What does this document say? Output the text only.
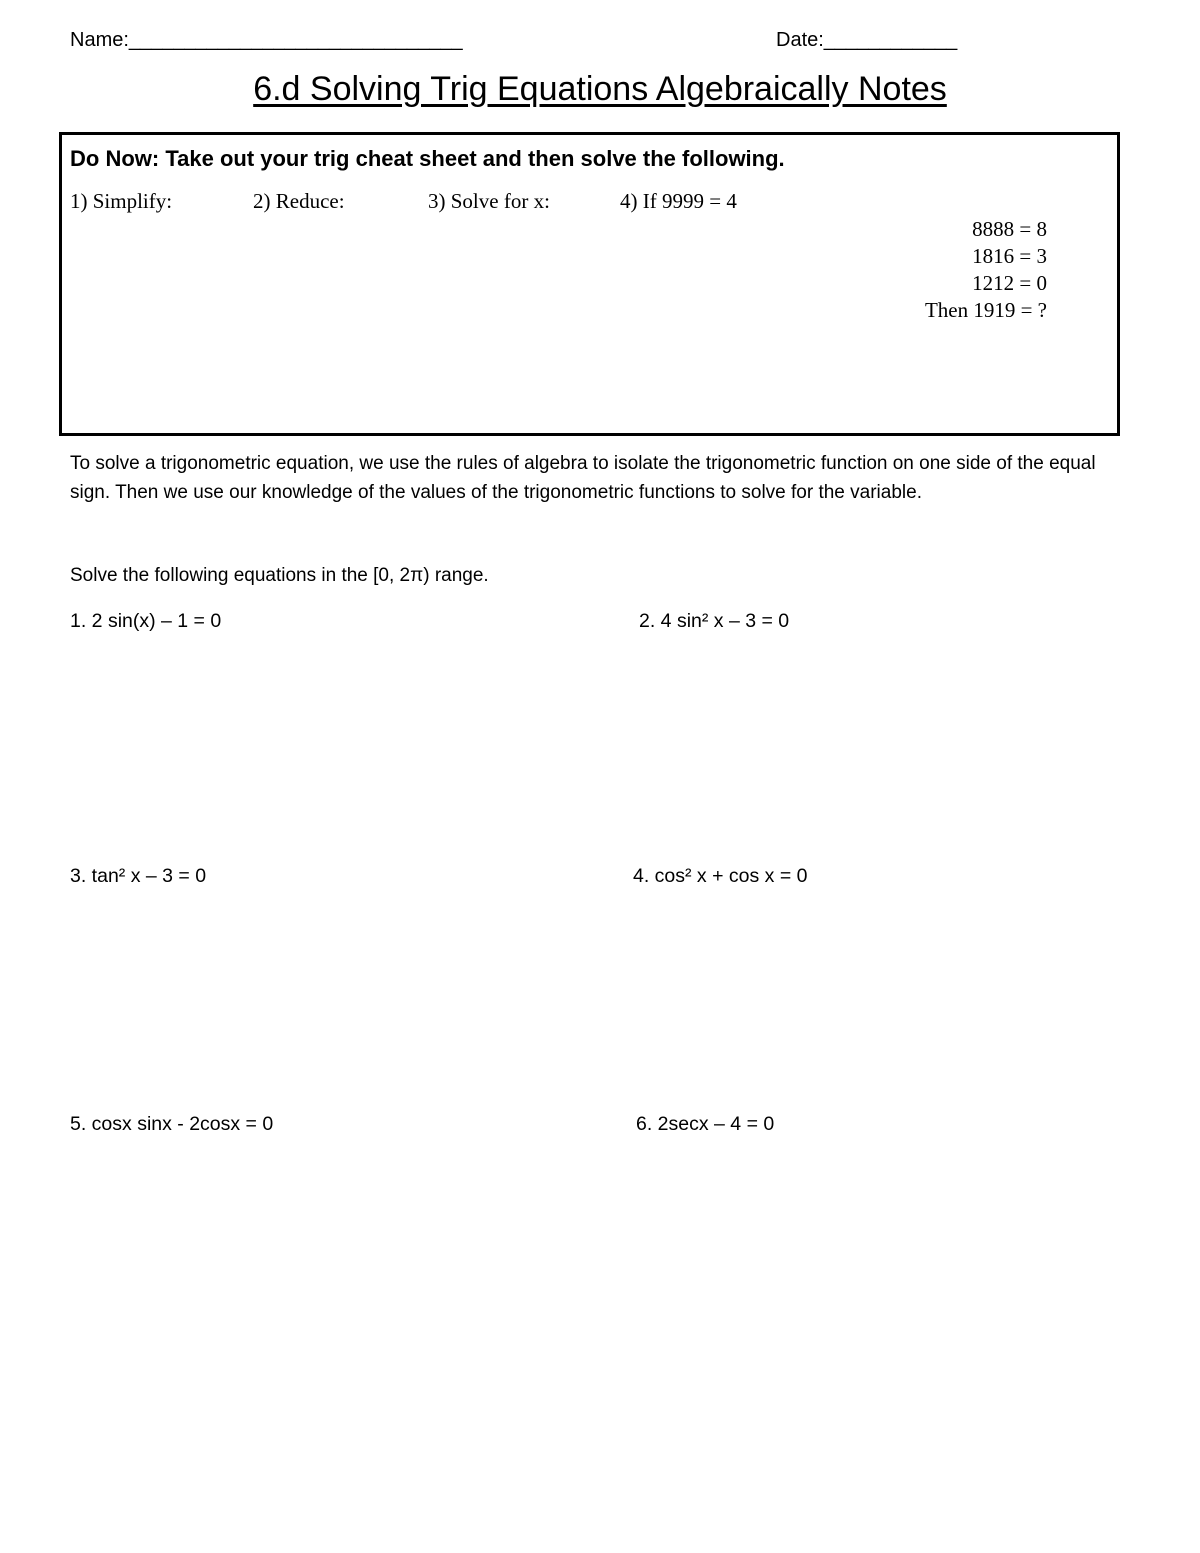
Name:______________________________	Date:____________
6.d Solving Trig Equations Algebraically Notes
Do Now: Take out your trig cheat sheet and then solve the following.
1) Simplify:	2) Reduce:	3) Solve for x:	4) If 9999 = 4
8888 = 8
1816 = 3
1212 = 0
Then 1919 = ?
To solve a trigonometric equation, we use the rules of algebra to isolate the trigonometric function on one side of the equal sign. Then we use our knowledge of the values of the trigonometric functions to solve for the variable.
Solve the following equations in the [0, 2π) range.
1. 2 sin(x) – 1 = 0	2. 4 sin² x – 3 = 0
3. tan² x – 3 = 0	4. cos² x + cos x = 0
5. cosx sinx - 2cosx = 0	6. 2secx – 4 = 0
